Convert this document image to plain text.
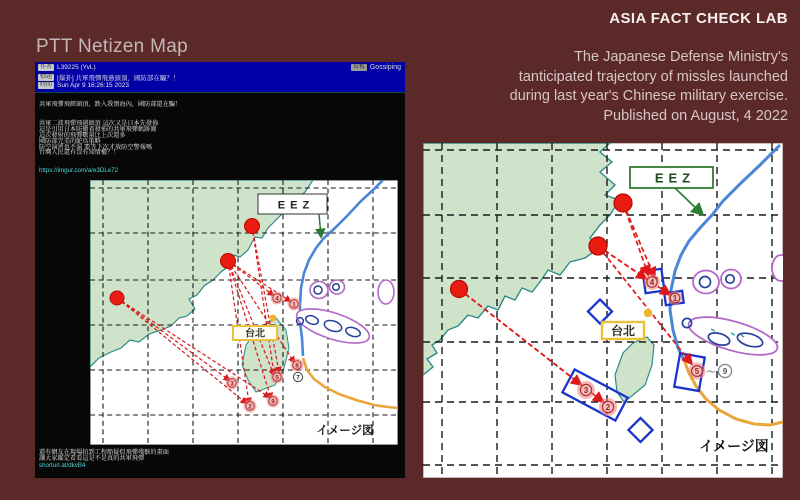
ASIA FACT CHECK LAB
The Japanese Defense Ministry's
tanticipated trajectory of missles launched
during last year's Chinese military exercise.
Published on August, 4 2022
PTT Netizen Map
作者 L39225 (YvL)
標題 [爆卦] 共軍飛彈飛過頭頂，國防部在騙？！
時間 Sun Apr 9 16:26:15 2023
看板 Gossiping
共軍飛彈飛經頭頂，跌入我領海內，國防部還在騙！
共軍二波飛彈飛越頭頂 這次又是日本先發佈
這是引用日本防衛省發佈的共軍飛彈軌跡圖
這次發射的飛彈數量比上次還多
國防部完美的鴕鳥策略
防空演習也不演 要等下次才放防空警報嗎
台灣人民還有沒有知情權？！
https://imgur.com/a/e3DLe72
4
1
8
5	7
3
2
9
EEZ
台北
イメージ図
還有網友在現場拍到工程船疑似飛彈殘骸的畫面
讓大家鑑定看看這是不是真的共軍飛彈
shorturl.at/dkvB4
4
1
3
2
5 ～ 9
EEZ
台北
イメージ図
